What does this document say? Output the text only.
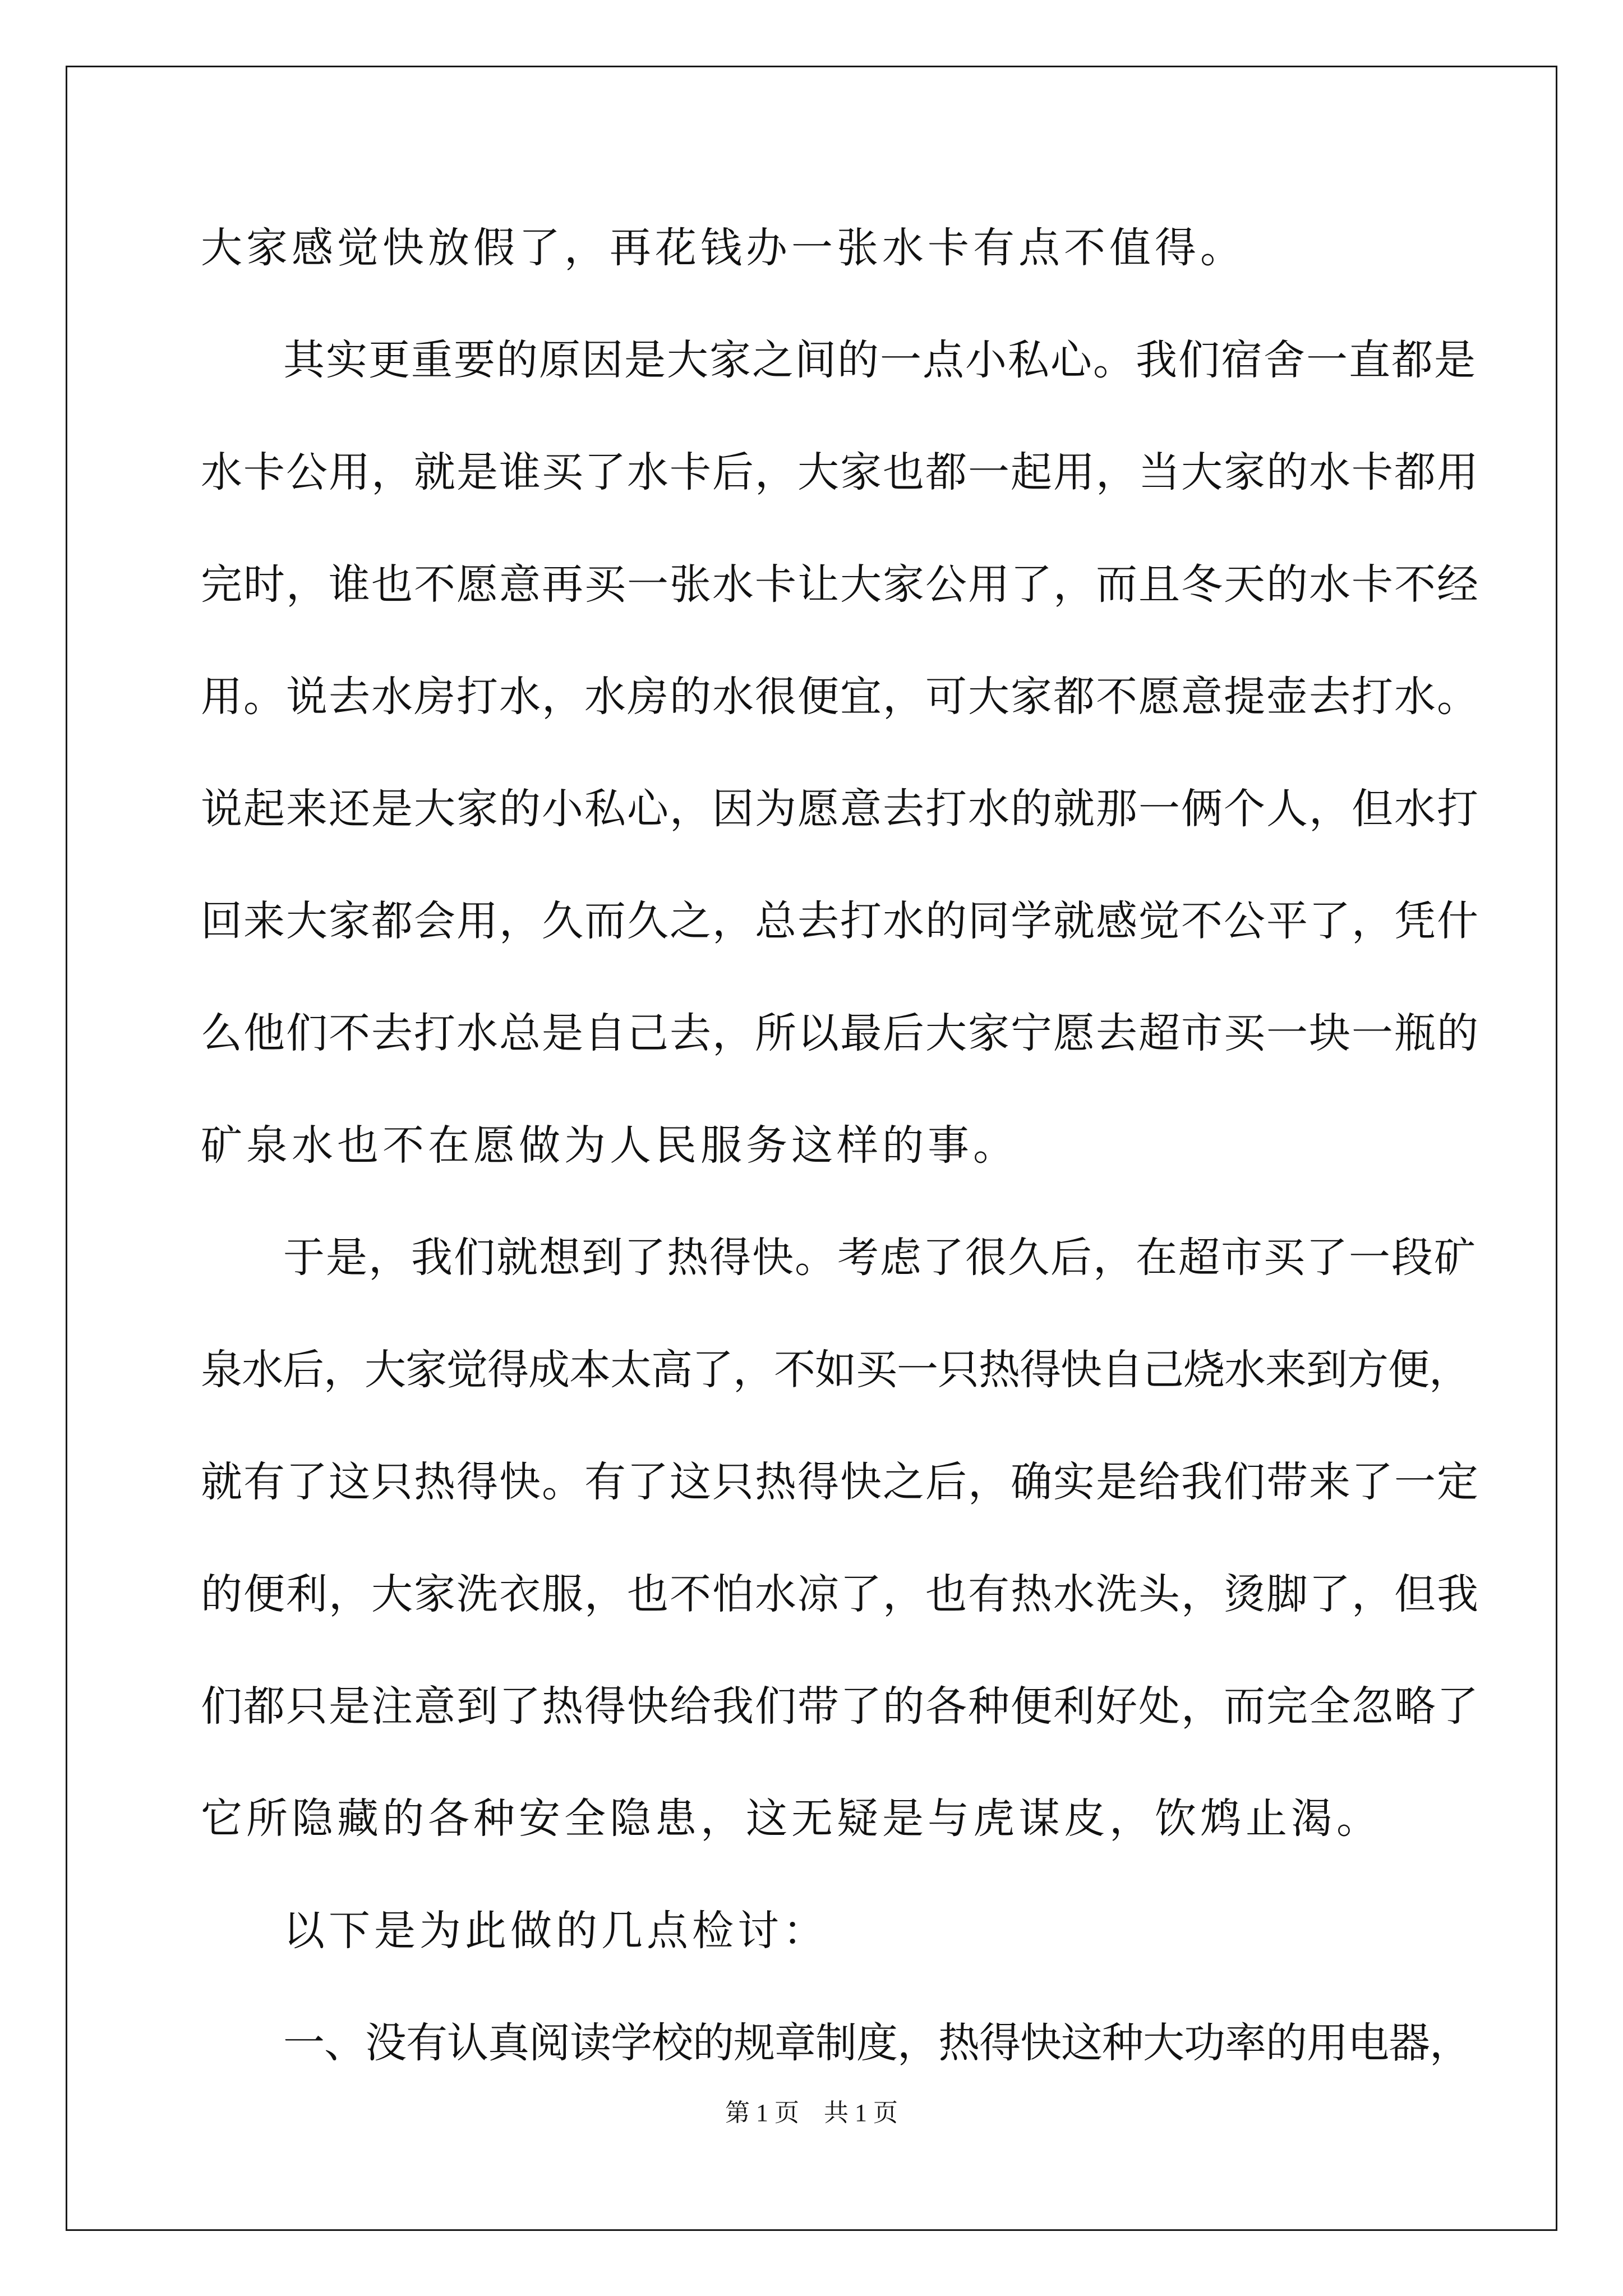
大家感觉快放假了，再花钱办一张水卡有点不值得。
其实更重要的原因是大家之间的一点小私心。我们宿舍一直都是
水卡公用，就是谁买了水卡后，大家也都一起用，当大家的水卡都用
完时，谁也不愿意再买一张水卡让大家公用了，而且冬天的水卡不经
用。说去水房打水，水房的水很便宜，可大家都不愿意提壶去打水。
说起来还是大家的小私心，因为愿意去打水的就那一俩个人，但水打
回来大家都会用，久而久之，总去打水的同学就感觉不公平了，凭什
么他们不去打水总是自己去，所以最后大家宁愿去超市买一块一瓶的
矿泉水也不在愿做为人民服务这样的事。
于是，我们就想到了热得快。考虑了很久后，在超市买了一段矿
泉水后，大家觉得成本太高了，不如买一只热得快自己烧水来到方便，
就有了这只热得快。有了这只热得快之后，确实是给我们带来了一定
的便利，大家洗衣服，也不怕水凉了，也有热水洗头，烫脚了，但我
们都只是注意到了热得快给我们带了的各种便利好处，而完全忽略了
它所隐藏的各种安全隐患，这无疑是与虎谋皮，饮鸩止渴。
以下是为此做的几点检讨：
一、没有认真阅读学校的规章制度，热得快这种大功率的用电器，
第 1 页　共 1 页
